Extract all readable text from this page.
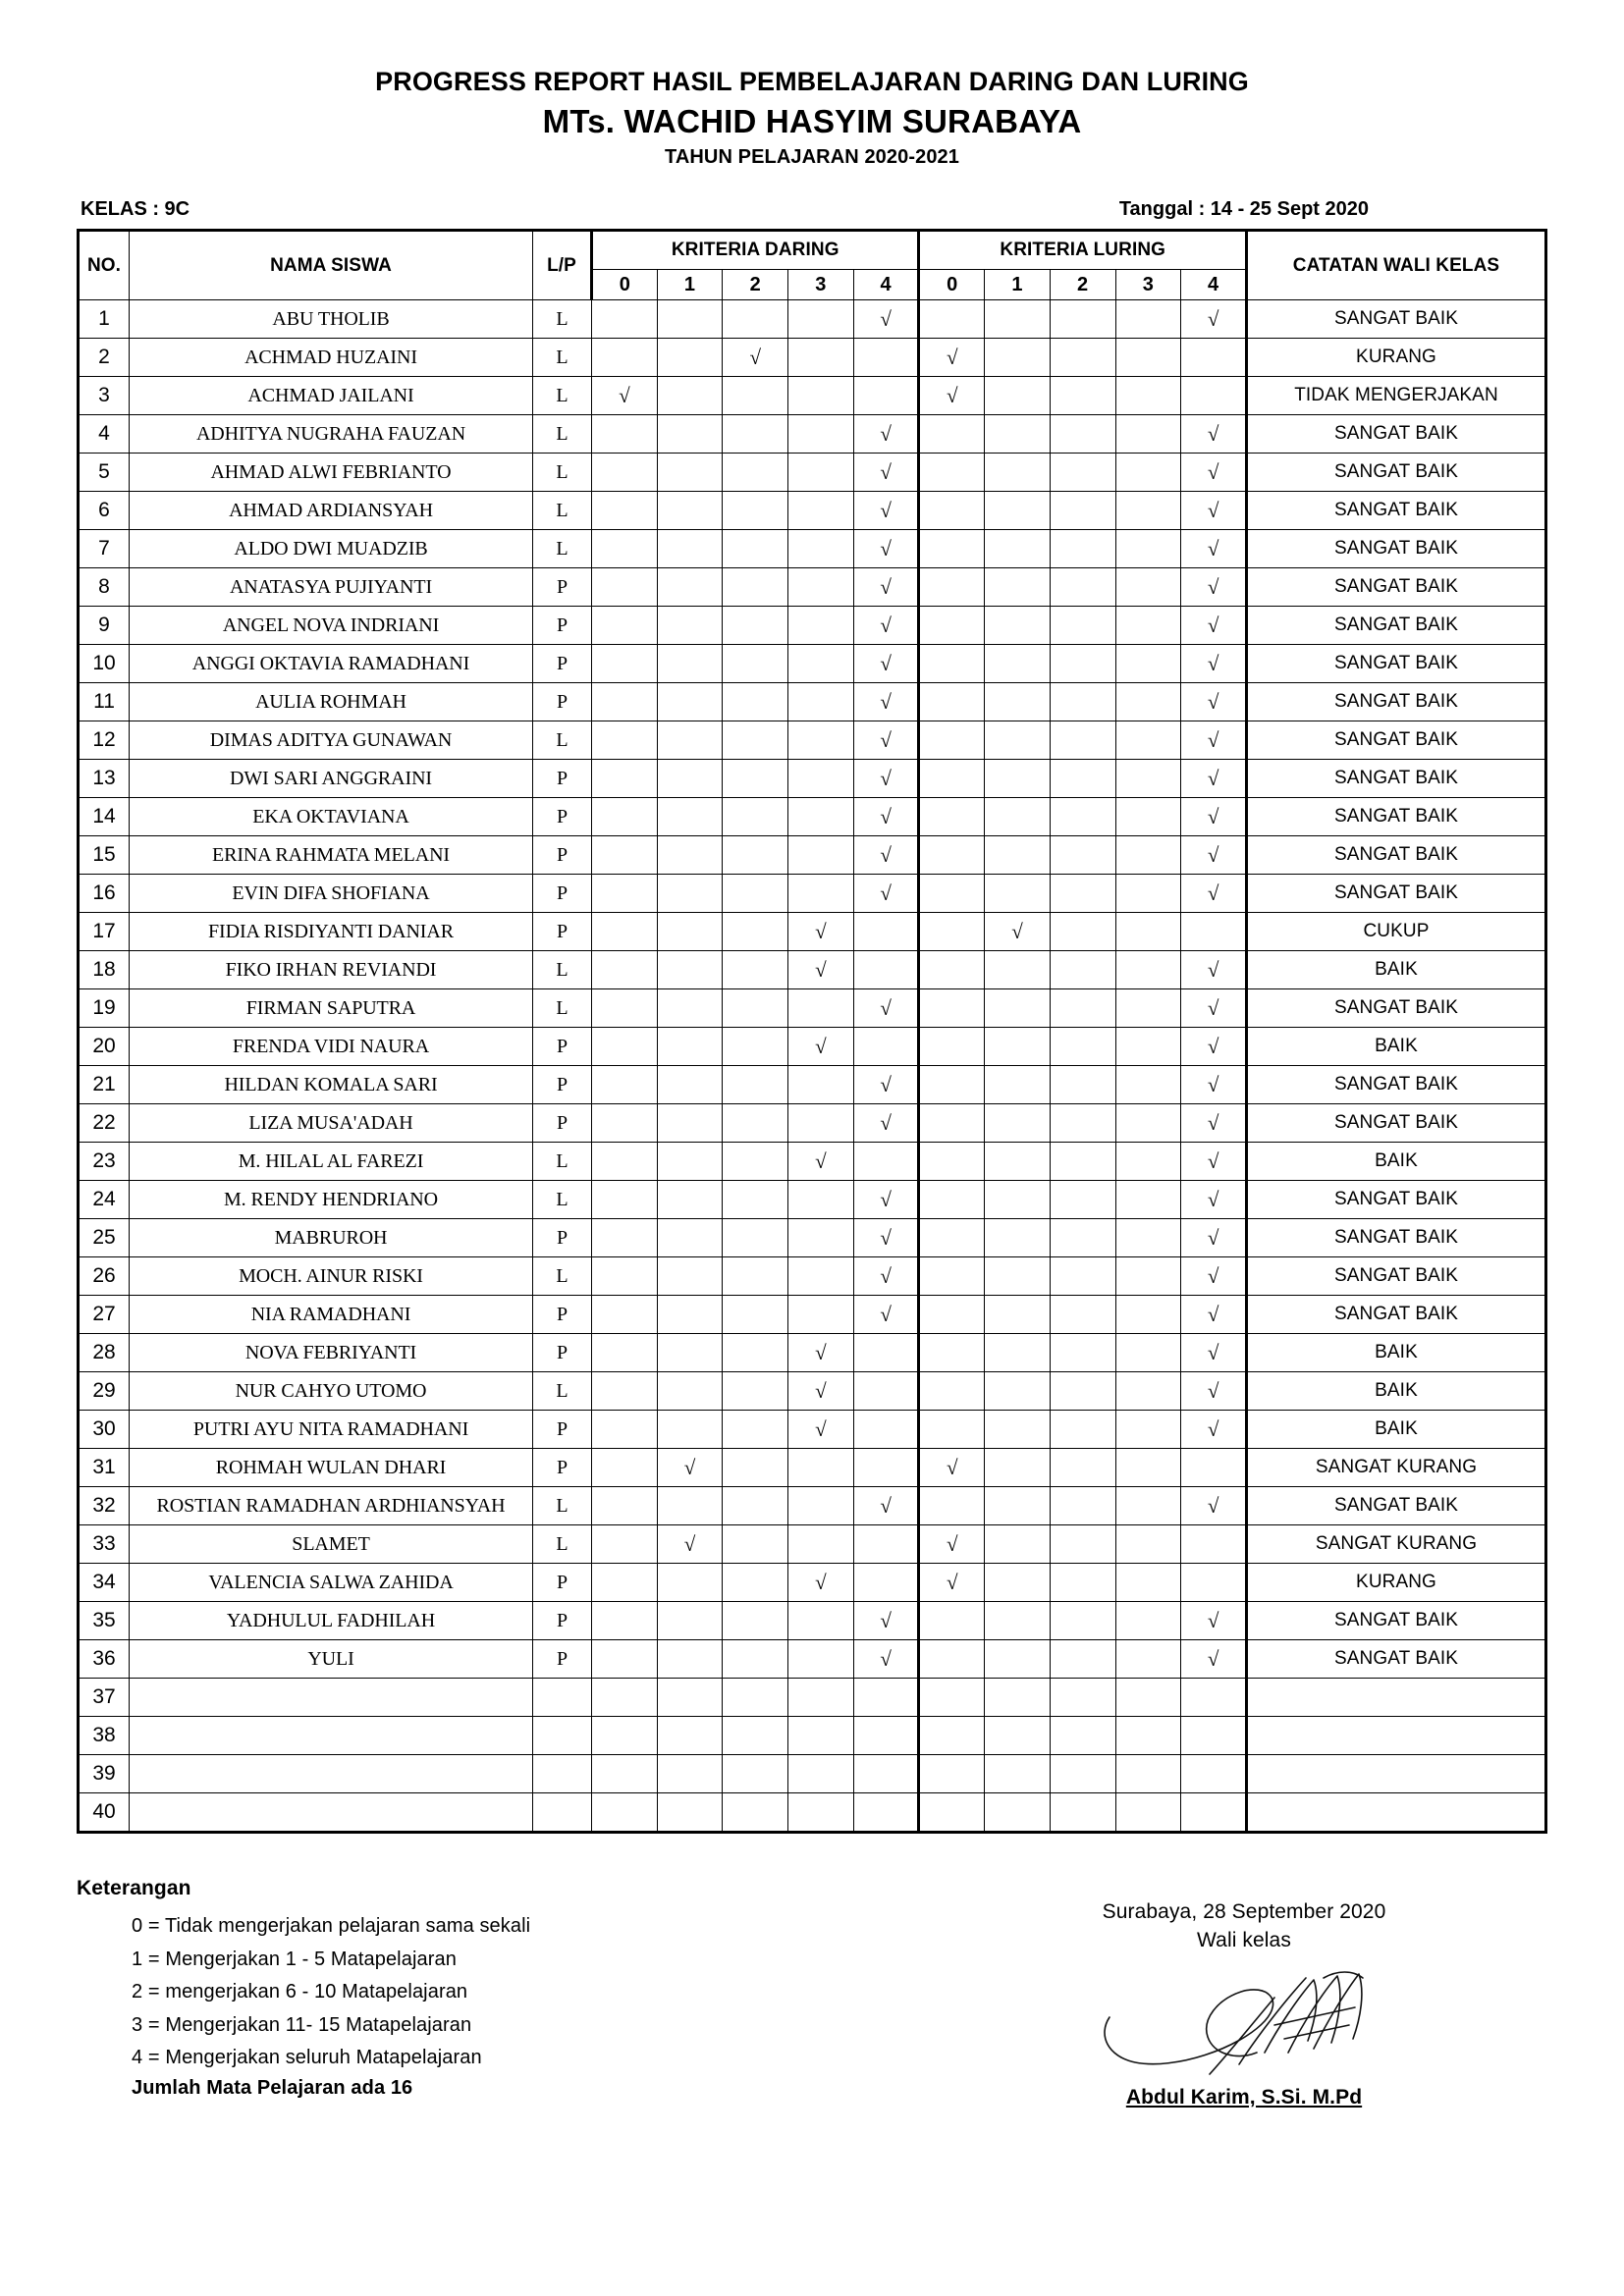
PROGRESS REPORT HASIL PEMBELAJARAN DARING DAN LURING
MTs. WACHID HASYIM SURABAYA
TAHUN PELAJARAN 2020-2021
KELAS : 9C	Tanggal : 14 - 25 Sept 2020
NO.	NAMA SISWA	L/P	KRITERIA DARING					KRITERIA LURING					CATATAN WALI KELAS
			0	1	2	3	4	0	1	2	3	4	
1	ABU THOLIB	L					√					√	SANGAT BAIK
2	ACHMAD HUZAINI	L			√			√					KURANG
3	ACHMAD JAILANI	L	√					√					TIDAK MENGERJAKAN
4	ADHITYA NUGRAHA FAUZAN	L					√					√	SANGAT BAIK
5	AHMAD ALWI FEBRIANTO	L					√					√	SANGAT BAIK
6	AHMAD ARDIANSYAH	L					√					√	SANGAT BAIK
7	ALDO DWI MUADZIB	L					√					√	SANGAT BAIK
8	ANATASYA PUJIYANTI	P					√					√	SANGAT BAIK
9	ANGEL NOVA INDRIANI	P					√					√	SANGAT BAIK
10	ANGGI OKTAVIA RAMADHANI	P					√					√	SANGAT BAIK
11	AULIA ROHMAH	P					√					√	SANGAT BAIK
12	DIMAS ADITYA GUNAWAN	L					√					√	SANGAT BAIK
13	DWI SARI ANGGRAINI	P					√					√	SANGAT BAIK
14	EKA OKTAVIANA	P					√					√	SANGAT BAIK
15	ERINA RAHMATA MELANI	P					√					√	SANGAT BAIK
16	EVIN DIFA SHOFIANA	P					√					√	SANGAT BAIK
17	FIDIA RISDIYANTI DANIAR	P				√			√				CUKUP
18	FIKO IRHAN REVIANDI	L				√						√	BAIK
19	FIRMAN SAPUTRA	L					√					√	SANGAT BAIK
20	FRENDA VIDI NAURA	P				√						√	BAIK
21	HILDAN KOMALA SARI	P					√					√	SANGAT BAIK
22	LIZA MUSA'ADAH	P					√					√	SANGAT BAIK
23	M. HILAL AL FAREZI	L				√						√	BAIK
24	M. RENDY HENDRIANO	L					√					√	SANGAT BAIK
25	MABRUROH	P					√					√	SANGAT BAIK
26	MOCH. AINUR RISKI	L					√					√	SANGAT BAIK
27	NIA RAMADHANI	P					√					√	SANGAT BAIK
28	NOVA FEBRIYANTI	P				√						√	BAIK
29	NUR CAHYO UTOMO	L				√						√	BAIK
30	PUTRI AYU NITA RAMADHANI	P				√						√	BAIK
31	ROHMAH WULAN DHARI	P		√				√					SANGAT KURANG
32	ROSTIAN RAMADHAN ARDHIANSYAH	L					√					√	SANGAT BAIK
33	SLAMET	L		√				√					SANGAT KURANG
34	VALENCIA SALWA ZAHIDA	P				√		√					KURANG
35	YADHULUL FADHILAH	P					√					√	SANGAT BAIK
36	YULI	P					√					√	SANGAT BAIK
37													
38													
39													
40													
Keterangan
0 = Tidak mengerjakan pelajaran sama sekali
1 = Mengerjakan 1 - 5 Matapelajaran
2 = mengerjakan 6 - 10 Matapelajaran
3 = Mengerjakan 11- 15 Matapelajaran
4 = Mengerjakan seluruh Matapelajaran
Jumlah Mata Pelajaran ada 16
Surabaya, 28 September 2020
Wali kelas
Abdul Karim, S.Si. M.Pd
